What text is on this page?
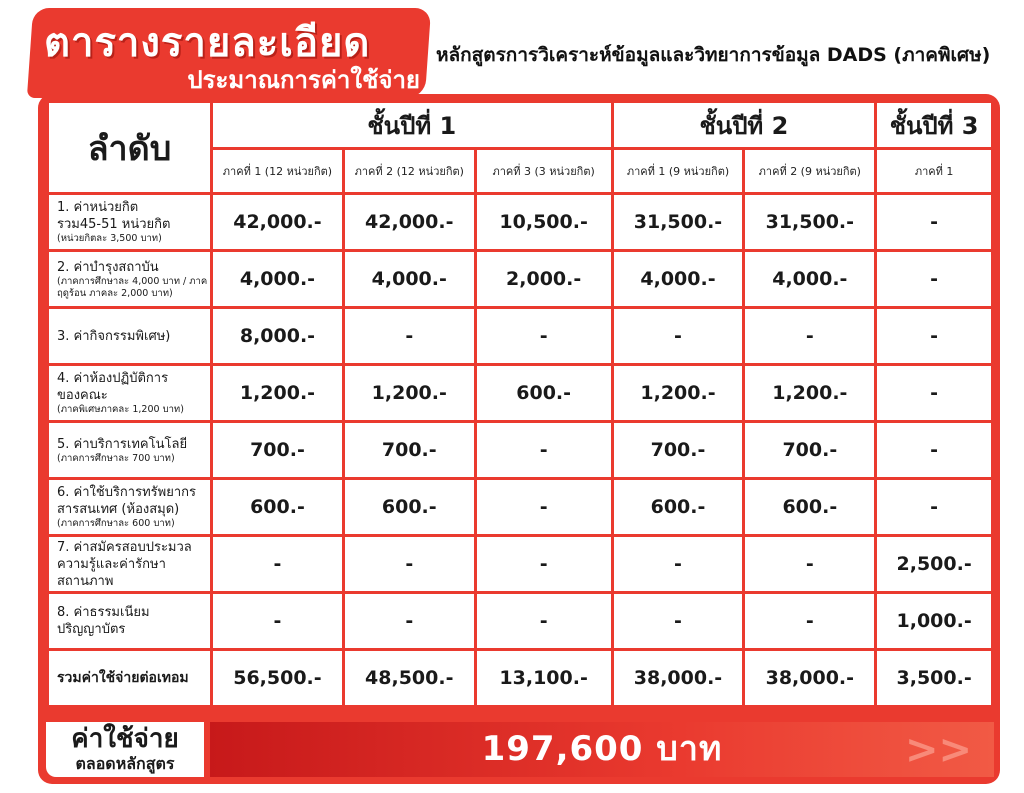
ตารางรายละเอียด
ประมาณการค่าใช้จ่าย
หลักสูตรการวิเคราะห์ข้อมูลและวิทยาการข้อมูล DADS (ภาคพิเศษ)
ลำดับ	ชั้นปีที่ 1			ชั้นปีที่ 2		ชั้นปีที่ 3
	ภาคที่ 1 (12 หน่วยกิต)	ภาคที่ 2 (12 หน่วยกิต)	ภาคที่ 3 (3 หน่วยกิต)	ภาคที่ 1 (9 หน่วยกิต)	ภาคที่ 2 (9 หน่วยกิต)	ภาคที่ 1
1. ค่าหน่วยกิต
รวม45-51 หน่วยกิต
(หน่วยกิตละ 3,500 บาท)	42,000.-	42,000.-	10,500.-	31,500.-	31,500.-	-
2. ค่าบำรุงสถาบัน
(ภาคการศึกษาละ 4,000 บาท / ภาคฤดูร้อน ภาคละ 2,000 บาท)	4,000.-	4,000.-	2,000.-	4,000.-	4,000.-	-
3. ค่ากิจกรรมพิเศษ)	8,000.-	-	-	-	-	-
4. ค่าห้องปฏิบัติการ
ของคณะ
(ภาคพิเศษภาคละ 1,200 บาท)	1,200.-	1,200.-	600.-	1,200.-	1,200.-	-
5. ค่าบริการเทคโนโลยี
(ภาคการศึกษาละ 700 บาท)	700.-	700.-	-	700.-	700.-	-
6. ค่าใช้บริการทรัพยากร
สารสนเทศ (ห้องสมุด)
(ภาคการศึกษาละ 600 บาท)	600.-	600.-	-	600.-	600.-	-
7. ค่าสมัครสอบประมวล
ความรู้และค่ารักษาสถานภาพ	-	-	-	-	-	2,500.-
8. ค่าธรรมเนียม
ปริญญาบัตร	-	-	-	-	-	1,000.-
รวมค่าใช้จ่ายต่อเทอม	56,500.-	48,500.-	13,100.-	38,000.-	38,000.-	3,500.-
ค่าใช้จ่าย
ตลอดหลักสูตร	197,600 บาท	>>
